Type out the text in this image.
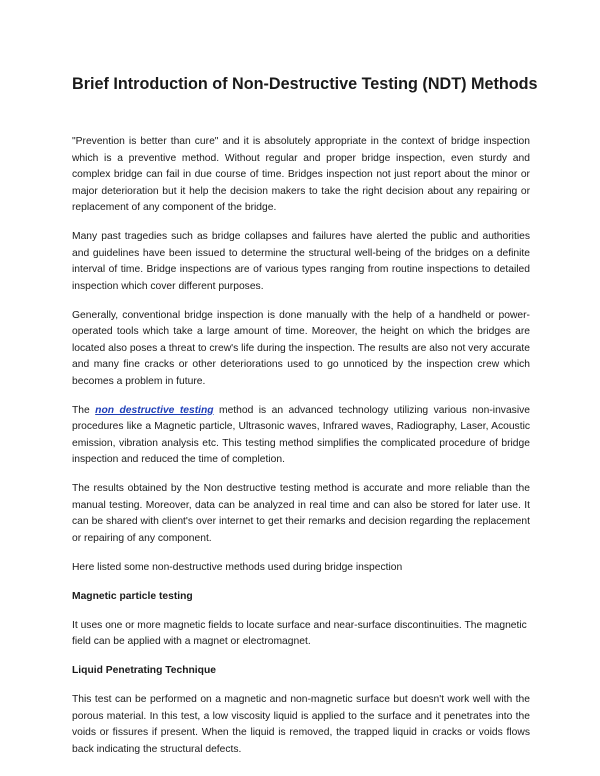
Brief Introduction of Non-Destructive Testing (NDT) Methods

"Prevention is better than cure" and it is absolutely appropriate in the context of bridge inspection which is a preventive method. Without regular and proper bridge inspection, even sturdy and complex bridge can fail in due course of time. Bridges inspection not just report about the minor or major deterioration but it help the decision makers to take the right decision about any repairing or replacement of any component of the bridge.

Many past tragedies such as bridge collapses and failures have alerted the public and authorities and guidelines have been issued to determine the structural well-being of the bridges on a definite interval of time. Bridge inspections are of various types ranging from routine inspections to detailed inspection which cover different purposes.

Generally, conventional bridge inspection is done manually with the help of a handheld or power-operated tools which take a large amount of time. Moreover, the height on which the bridges are located also poses a threat to crew's life during the inspection. The results are also not very accurate and many fine cracks or other deteriorations used to go unnoticed by the inspection crew which becomes a problem in future.

The non destructive testing method is an advanced technology utilizing various non-invasive procedures like a Magnetic particle, Ultrasonic waves, Infrared waves, Radiography, Laser, Acoustic emission, vibration analysis etc. This testing method simplifies the complicated procedure of bridge inspection and reduced the time of completion.

The results obtained by the Non destructive testing method is accurate and more reliable than the manual testing. Moreover, data can be analyzed in real time and can also be stored for later use. It can be shared with client's over internet to get their remarks and decision regarding the replacement or repairing of any component.

Here listed some non-destructive methods used during bridge inspection

Magnetic particle testing

It uses one or more magnetic fields to locate surface and near-surface discontinuities. The magnetic field can be applied with a magnet or electromagnet.

Liquid Penetrating Technique

This test can be performed on a magnetic and non-magnetic surface but doesn't work well with the porous material. In this test, a low viscosity liquid is applied to the surface and it penetrates into the voids or fissures if present. When the liquid is removed, the trapped liquid in cracks or voids flows back indicating the structural defects.
